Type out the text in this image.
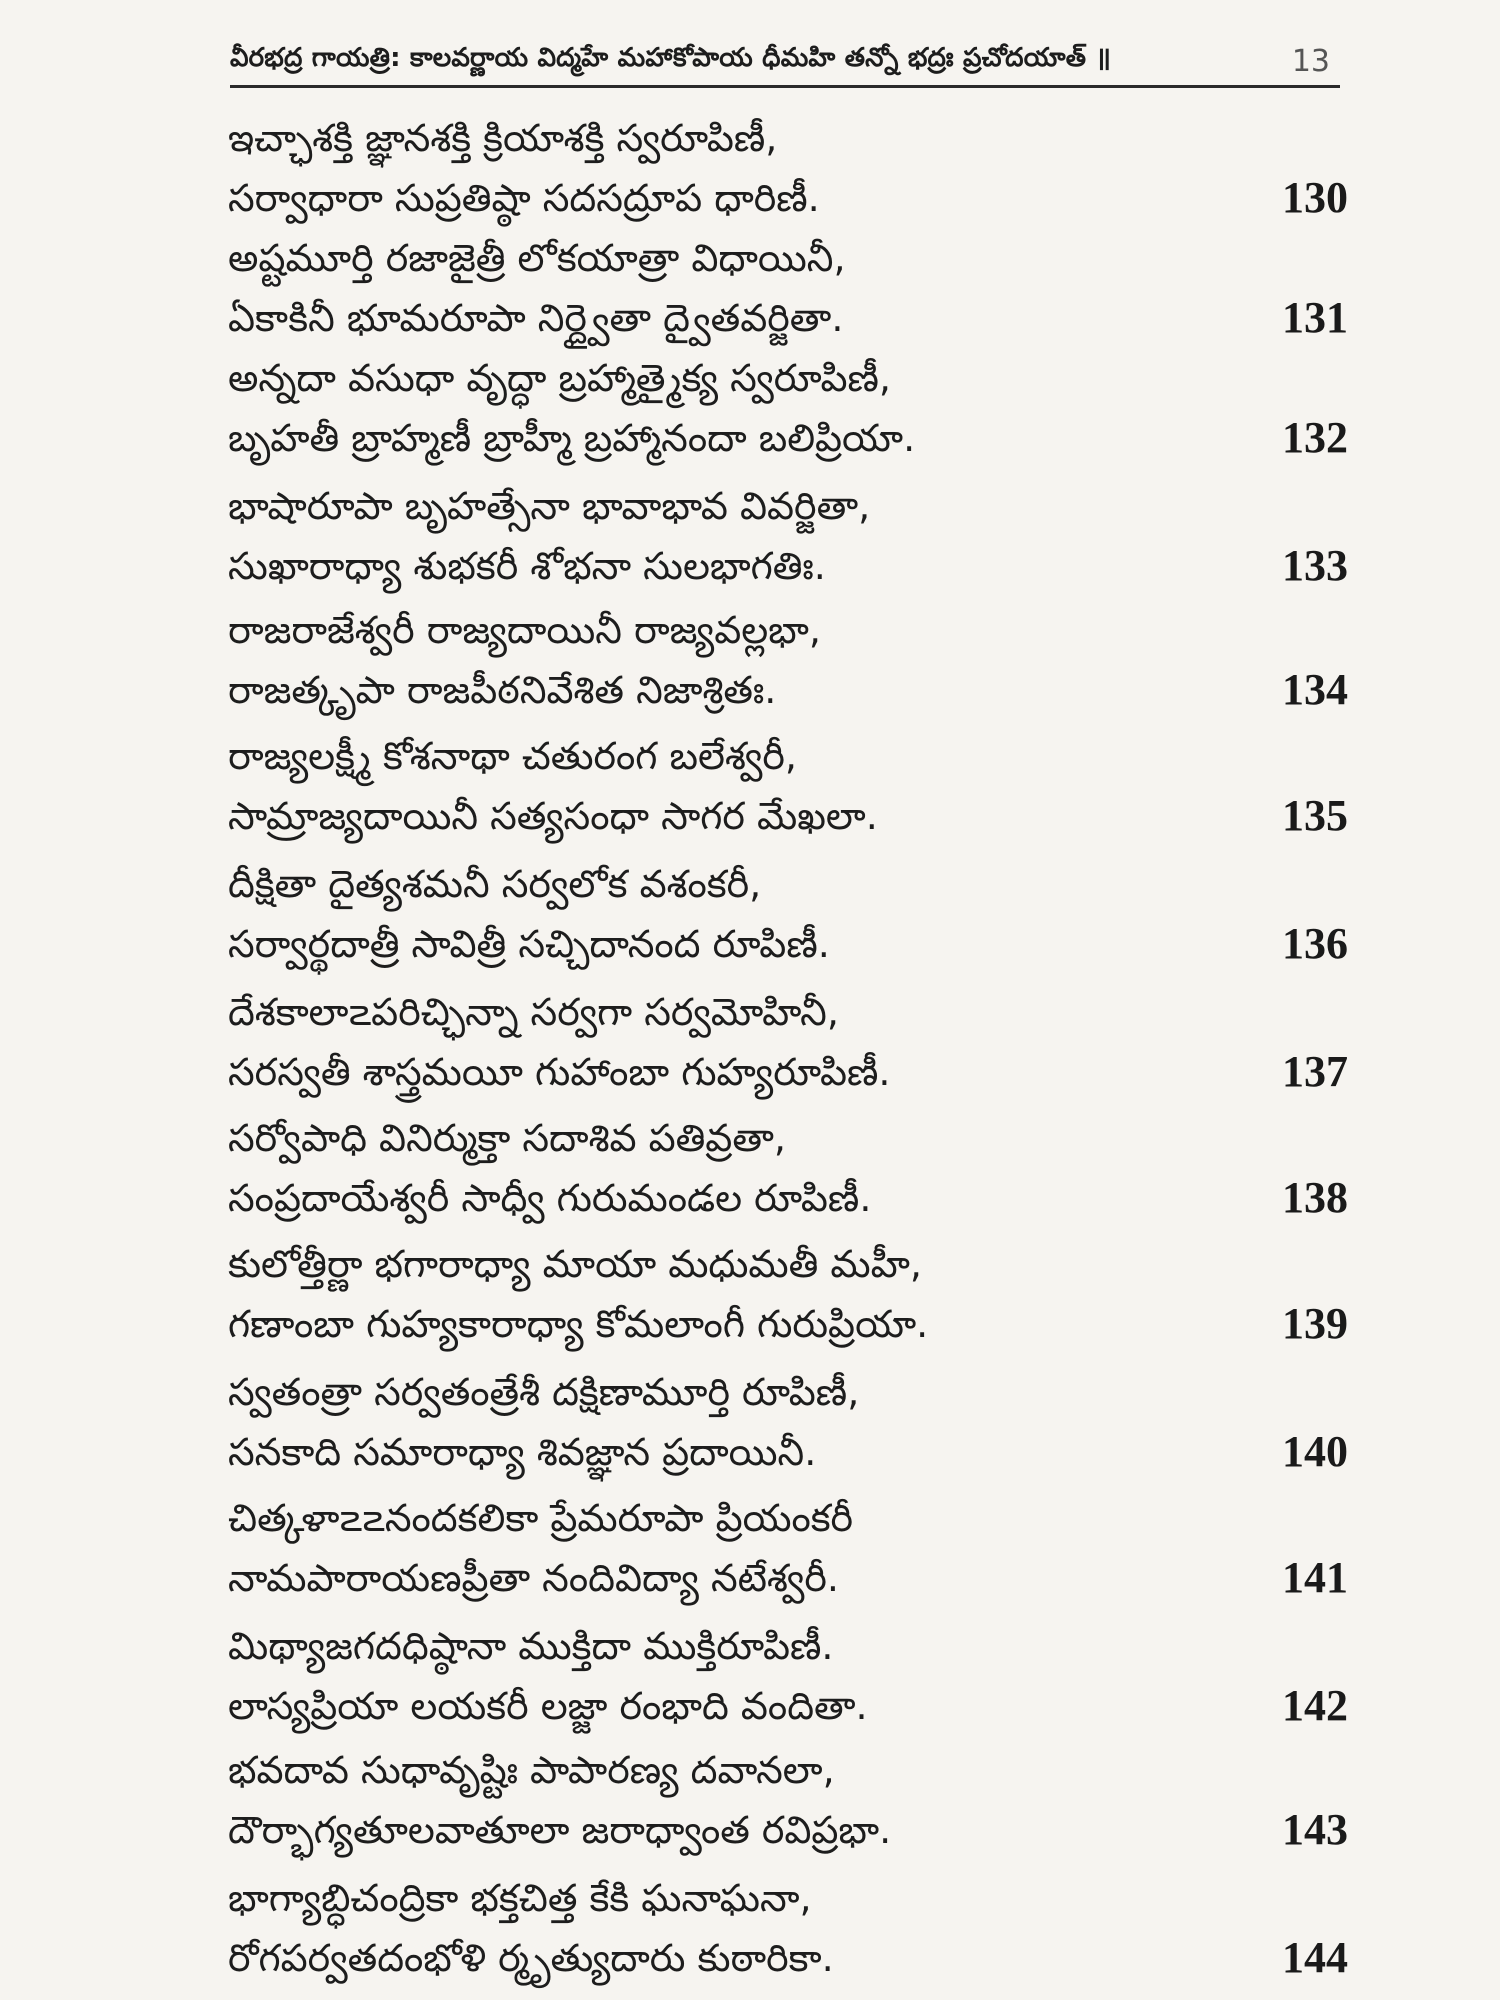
వీరభద్ర గాయత్రి: కాలవర్ణాయ విద్మహే మహాకోపాయ ధీమహి తన్నో భద్రః ప్రచోదయాత్ ॥	13
ఇచ్ఛాశక్తి జ్ఞానశక్తి క్రియాశక్తి స్వరూపిణీ,
సర్వాధారా సుప్రతిష్ఠా సదసద్రూప ధారిణీ.	130
అష్టమూర్తి రజాజైత్రీ లోకయాత్రా విధాయినీ,
ఏకాకినీ భూమరూపా నిర్ద్వైతా ద్వైతవర్జితా.	131
అన్నదా వసుధా వృద్ధా బ్రహ్మాత్మైక్య స్వరూపిణీ,
బృహతీ బ్రాహ్మణీ బ్రాహ్మీ బ్రహ్మానందా బలిప్రియా.	132
భాషారూపా బృహత్సేనా భావాభావ వివర్జితా,
సుఖారాధ్యా శుభకరీ శోభనా సులభాగతిః.	133
రాజరాజేశ్వరీ రాజ్యదాయినీ రాజ్యవల్లభా,
రాజత్కృపా రాజపీఠనివేశిత నిజాశ్రితః.	134
రాజ్యలక్ష్మీ కోశనాథా చతురంగ బలేశ్వరీ,
సామ్రాజ్యదాయినీ సత్యసంధా సాగర మేఖలా.	135
దీక్షితా దైత్యశమనీ సర్వలోక వశంకరీ,
సర్వార్థదాత్రీ సావిత్రీ సచ్చిదానంద రూపిణీ.	136
దేశకాలా౽పరిచ్ఛిన్నా సర్వగా సర్వమోహినీ,
సరస్వతీ శాస్త్రమయీ గుహాంబా గుహ్యరూపిణీ.	137
సర్వోపాధి వినిర్ముక్తా సదాశివ పతివ్రతా,
సంప్రదాయేశ్వరీ సాధ్వీ గురుమండల రూపిణీ.	138
కులోత్తీర్ణా భగారాధ్యా మాయా మధుమతీ మహీ,
గణాంబా గుహ్యకారాధ్యా కోమలాంగీ గురుప్రియా.	139
స్వతంత్రా సర్వతంత్రేశీ దక్షిణామూర్తి రూపిణీ,
సనకాది సమారాధ్యా శివజ్ఞాన ప్రదాయినీ.	140
చిత్కళా౽౽నందకలికా ప్రేమరూపా ప్రియంకరీ
నామపారాయణప్రీతా నందివిద్యా నటేశ్వరీ.	141
మిథ్యాజగదధిష్ఠానా ముక్తిదా ముక్తిరూపిణీ.
లాస్యప్రియా లయకరీ లజ్జా రంభాది వందితా.	142
భవదావ సుధావృష్టిః పాపారణ్య దవానలా,
దౌర్భాగ్యతూలవాతూలా జరాధ్వాంత రవిప్రభా.	143
భాగ్యాబ్ధిచంద్రికా భక్తచిత్త కేకి ఘనాఘనా,
రోగపర్వతదంభోళి ర్మృత్యుదారు కుఠారికా.	144
